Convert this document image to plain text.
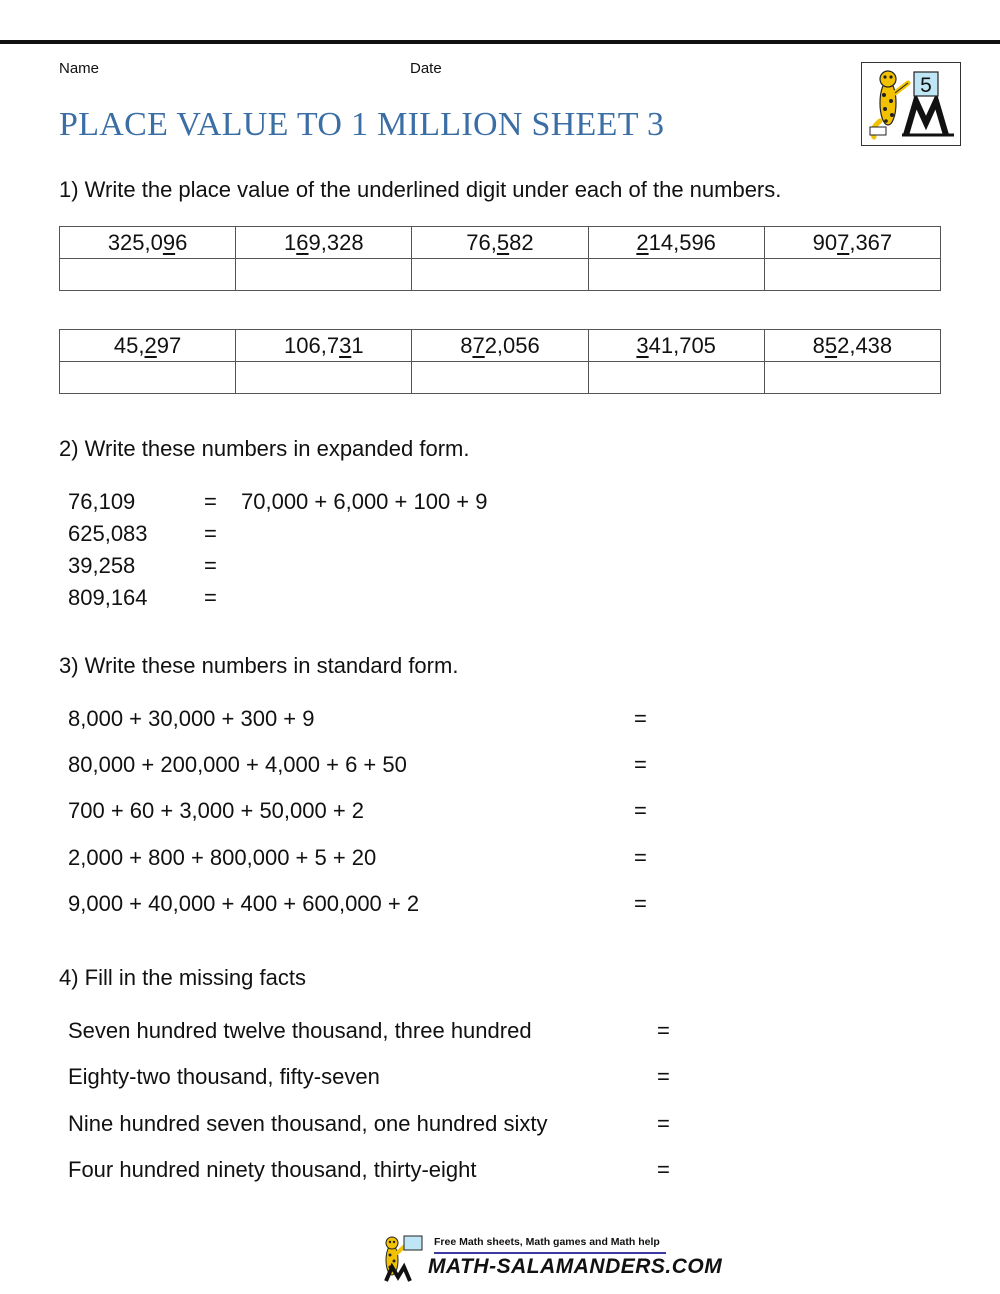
Name	Date
PLACE VALUE TO 1 MILLION SHEET 3
5
1) Write the place value of the underlined digit under each of the numbers.
325,096	169,328	76,582	214,596	907,367

45,297	106,731	872,056	341,705	852,438

2) Write these numbers in expanded form.
76,109	= 70,000 + 6,000 + 100 + 9
625,083	=
39,258	=
809,164	=
3) Write these numbers in standard form.
8,000 + 30,000 + 300 + 9	=
80,000 + 200,000 + 4,000 + 6 + 50	=
700 + 60 + 3,000 + 50,000 + 2	=
2,000 + 800 + 800,000 + 5 + 20	=
9,000 + 40,000 + 400 + 600,000 + 2	=
4) Fill in the missing facts
Seven hundred twelve thousand, three hundred	=
Eighty-two thousand, fifty-seven	=
Nine hundred seven thousand, one hundred sixty	=
Four hundred ninety thousand, thirty-eight	=
Free Math sheets, Math games and Math help
MATH-SALAMANDERS.COM
